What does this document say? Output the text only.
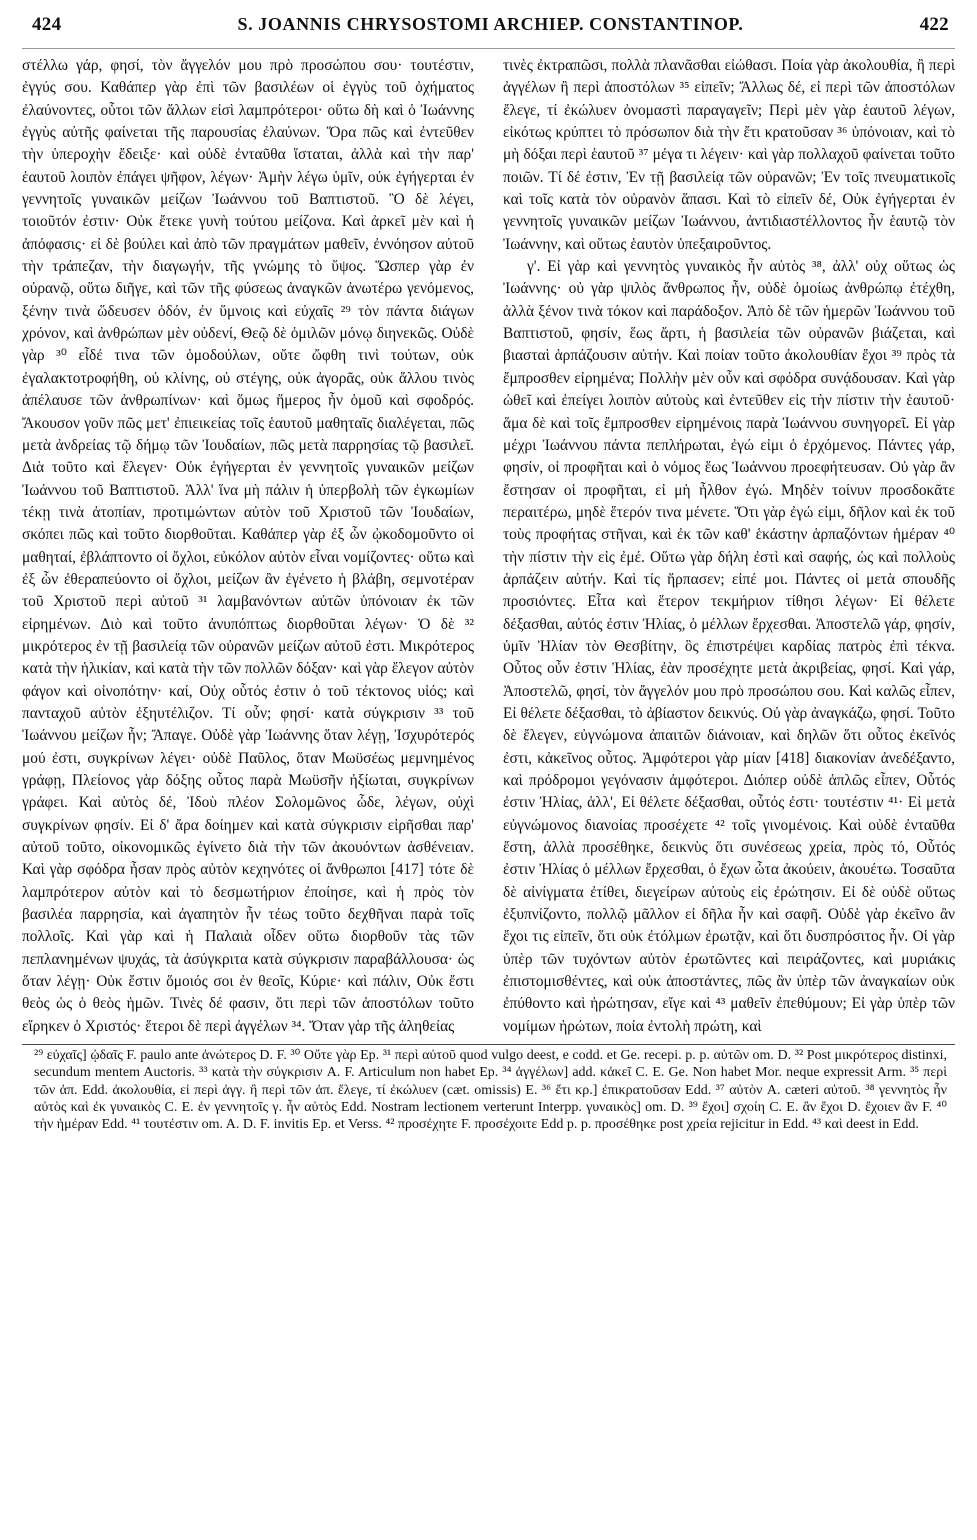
424	S. JOANNIS CHRYSOSTOMI ARCHIEP. CONSTANTINOP.	422

στέλλω γάρ, φησί, τὸν ἄγγελόν μου πρὸ προσώπου σου· τουτέστιν, ἐγγύς σου. Καθάπερ γὰρ ἐπὶ τῶν βασιλέων οἱ ἐγγὺς τοῦ ὀχήματος ἐλαύνοντες, οὗτοι τῶν ἄλλων εἰσὶ λαμπρότεροι· οὕτω δὴ καὶ ὁ Ἰωάννης ἐγγὺς αὐτῆς φαίνεται τῆς παρουσίας ἐλαύνων. Ὅρα πῶς καὶ ἐντεῦθεν τὴν ὑπεροχὴν ἔδειξε· καὶ οὐδὲ ἐνταῦθα ἵσταται, ἀλλὰ καὶ τὴν παρ' ἑαυτοῦ λοιπὸν ἐπάγει ψῆφον, λέγων· Ἀμὴν λέγω ὑμῖν, οὐκ ἐγήγερται ἐν γεννητοῖς γυναικῶν μείζων Ἰωάννου τοῦ Βαπτιστοῦ. Ὃ δὲ λέγει, τοιοῦτόν ἐστιν· Οὐκ ἔτεκε γυνὴ τούτου μείζονα. Καὶ ἀρκεῖ μὲν καὶ ἡ ἀπόφασις· εἰ δὲ βούλει καὶ ἀπὸ τῶν πραγμάτων μαθεῖν, ἐννόησον αὐτοῦ τὴν τράπεζαν, τὴν διαγωγήν, τῆς γνώμης τὸ ὕψος. Ὥσπερ γὰρ ἐν οὐρανῷ, οὕτω διῆγε, καὶ τῶν τῆς φύσεως ἀναγκῶν ἀνωτέρω γενόμενος, ξένην τινὰ ὥδευσεν ὁδόν, ἐν ὕμνοις καὶ εὐχαῖς ²⁹ τὸν πάντα διάγων χρόνον, καὶ ἀνθρώπων μὲν οὐδενί, Θεῷ δὲ ὁμιλῶν μόνῳ διηνεκῶς. Οὐδὲ γὰρ ³⁰ εἶδέ τινα τῶν ὁμοδούλων, οὔτε ὤφθη τινὶ τούτων, οὐκ ἐγαλακτοτροφήθη, οὐ κλίνης, οὐ στέγης, οὐκ ἀγορᾶς, οὐκ ἄλλου τινὸς ἀπέλαυσε τῶν ἀνθρωπίνων· καὶ ὅμως ἥμερος ἦν ὁμοῦ καὶ σφοδρός. Ἄκουσον γοῦν πῶς μετ' ἐπιεικείας τοῖς ἑαυτοῦ μαθηταῖς διαλέγεται, πῶς μετὰ ἀνδρείας τῷ δήμῳ τῶν Ἰουδαίων, πῶς μετὰ παρρησίας τῷ βασιλεῖ. Διὰ τοῦτο καὶ ἔλεγεν· Οὐκ ἐγήγερται ἐν γεννητοῖς γυναικῶν μείζων Ἰωάννου τοῦ Βαπτιστοῦ. Ἀλλ' ἵνα μὴ πάλιν ἡ ὑπερβολὴ τῶν ἐγκωμίων τέκῃ τινὰ ἀτοπίαν, προτιμώντων αὐτὸν τοῦ Χριστοῦ τῶν Ἰουδαίων, σκόπει πῶς καὶ τοῦτο διορθοῦται. Καθάπερ γὰρ ἐξ ὧν ᾠκοδομοῦντο οἱ μαθηταί, ἐβλάπτοντο οἱ ὄχλοι, εὐκόλον αὐτὸν εἶναι νομίζοντες· οὕτω καὶ ἐξ ὧν ἐθεραπεύοντο οἱ ὄχλοι, μείζων ἂν ἐγένετο ἡ βλάβη, σεμνοτέραν τοῦ Χριστοῦ περὶ αὐτοῦ ³¹ λαμβανόντων αὐτῶν ὑπόνοιαν ἐκ τῶν εἰρημένων. Διὸ καὶ τοῦτο ἀνυπόπτως διορθοῦται λέγων· Ὁ δὲ ³² μικρότερος ἐν τῇ βασιλείᾳ τῶν οὐρανῶν μείζων αὐτοῦ ἐστι. Μικρότερος κατὰ τὴν ἡλικίαν, καὶ κατὰ τὴν τῶν πολλῶν δόξαν· καὶ γὰρ ἔλεγον αὐτὸν φάγον καὶ οἰνοπότην· καί, Οὐχ οὗτός ἐστιν ὁ τοῦ τέκτονος υἱός; καὶ πανταχοῦ αὐτὸν ἐξηυτέλιζον. Τί οὖν; φησί· κατὰ σύγκρισιν ³³ τοῦ Ἰωάννου μείζων ἦν; Ἄπαγε. Οὐδὲ γὰρ Ἰωάννης ὅταν λέγῃ, Ἰσχυρότερός μού ἐστι, συγκρίνων λέγει· οὐδὲ Παῦλος, ὅταν Μωϋσέως μεμνημένος γράφῃ, Πλείονος γὰρ δόξης οὗτος παρὰ Μωϋσῆν ἠξίωται, συγκρίνων γράφει. Καὶ αὐτὸς δέ, Ἰδοὺ πλέον Σολομῶνος ὧδε, λέγων, οὐχὶ συγκρίνων φησίν. Εἰ δ' ἄρα δοίημεν καὶ κατὰ σύγκρισιν εἰρῆσθαι παρ' αὐτοῦ τοῦτο, οἰκονομικῶς ἐγίνετο διὰ τὴν τῶν ἀκουόντων ἀσθένειαν. Καὶ γὰρ σφόδρα ἦσαν πρὸς αὐτὸν κεχηνότες οἱ ἄνθρωποι [417] τότε δὲ λαμπρότερον αὐτὸν καὶ τὸ δεσμωτήριον ἐποίησε, καὶ ἡ πρὸς τὸν βασιλέα παρρησία, καὶ ἀγαπητὸν ἦν τέως τοῦτο δεχθῆναι παρὰ τοῖς πολλοῖς. Καὶ γὰρ καὶ ἡ Παλαιὰ οἶδεν οὕτω διορθοῦν τὰς τῶν πεπλανημένων ψυχάς, τὰ ἀσύγκριτα κατὰ σύγκρισιν παραβάλλουσα· ὡς ὅταν λέγῃ· Οὐκ ἔστιν ὅμοιός σοι ἐν θεοῖς, Κύριε· καὶ πάλιν, Οὐκ ἔστι θεὸς ὡς ὁ θεὸς ἡμῶν. Τινὲς δέ φασιν, ὅτι περὶ τῶν ἀποστόλων τοῦτο εἴρηκεν ὁ Χριστός· ἕτεροι δὲ περὶ ἀγγέλων ³⁴. Ὅταν γὰρ τῆς ἀληθείας

τινὲς ἐκτραπῶσι, πολλὰ πλανᾶσθαι εἰώθασι. Ποία γὰρ ἀκολουθία, ἢ περὶ ἀγγέλων ἢ περὶ ἀποστόλων ³⁵ εἰπεῖν; Ἄλλως δέ, εἰ περὶ τῶν ἀποστόλων ἔλεγε, τί ἐκώλυεν ὀνομαστὶ παραγαγεῖν; Περὶ μὲν γὰρ ἑαυτοῦ λέγων, εἰκότως κρύπτει τὸ πρόσωπον διὰ τὴν ἔτι κρατοῦσαν ³⁶ ὑπόνοιαν, καὶ τὸ μὴ δόξαι περὶ ἑαυτοῦ ³⁷ μέγα τι λέγειν· καὶ γὰρ πολλαχοῦ φαίνεται τοῦτο ποιῶν. Τί δέ ἐστιν, Ἐν τῇ βασιλείᾳ τῶν οὐρανῶν; Ἐν τοῖς πνευματικοῖς καὶ τοῖς κατὰ τὸν οὐρανὸν ἅπασι. Καὶ τὸ εἰπεῖν δέ, Οὐκ ἐγήγερται ἐν γεννητοῖς γυναικῶν μείζων Ἰωάννου, ἀντιδιαστέλλοντος ἦν ἑαυτῷ τὸν Ἰωάννην, καὶ οὕτως ἑαυτὸν ὑπεξαιροῦντος.

γ'. Εἰ γὰρ καὶ γεννητὸς γυναικὸς ἦν αὐτὸς ³⁸, ἀλλ' οὐχ οὕτως ὡς Ἰωάννης· οὐ γὰρ ψιλὸς ἄνθρωπος ἦν, οὐδὲ ὁμοίως ἀνθρώπῳ ἐτέχθη, ἀλλὰ ξένον τινὰ τόκον καὶ παράδοξον. Ἀπὸ δὲ τῶν ἡμερῶν Ἰωάννου τοῦ Βαπτιστοῦ, φησίν, ἕως ἄρτι, ἡ βασιλεία τῶν οὐρανῶν βιάζεται, καὶ βιασταὶ ἁρπάζουσιν αὐτήν. Καὶ ποίαν τοῦτο ἀκολουθίαν ἔχοι ³⁹ πρὸς τὰ ἔμπροσθεν εἰρημένα; Πολλὴν μὲν οὖν καὶ σφόδρα συνᾴδουσαν. Καὶ γὰρ ὠθεῖ καὶ ἐπείγει λοιπὸν αὐτοὺς καὶ ἐντεῦθεν εἰς τὴν πίστιν τὴν ἑαυτοῦ· ἅμα δὲ καὶ τοῖς ἔμπροσθεν εἰρημένοις παρὰ Ἰωάννου συνηγορεῖ. Εἰ γὰρ μέχρι Ἰωάννου πάντα πεπλήρωται, ἐγώ εἰμι ὁ ἐρχόμενος. Πάντες γάρ, φησίν, οἱ προφῆται καὶ ὁ νόμος ἕως Ἰωάννου προεφήτευσαν. Οὐ γὰρ ἂν ἔστησαν οἱ προφῆται, εἰ μὴ ἦλθον ἐγώ. Μηδὲν τοίνυν προσδοκᾶτε περαιτέρω, μηδὲ ἕτερόν τινα μένετε. Ὅτι γὰρ ἐγώ εἰμι, δῆλον καὶ ἐκ τοῦ τοὺς προφήτας στῆναι, καὶ ἐκ τῶν καθ' ἑκάστην ἁρπαζόντων ἡμέραν ⁴⁰ τὴν πίστιν τὴν εἰς ἐμέ. Οὕτω γὰρ δήλη ἐστὶ καὶ σαφής, ὡς καὶ πολλοὺς ἁρπάζειν αὐτήν. Καὶ τίς ἥρπασεν; εἰπέ μοι. Πάντες οἱ μετὰ σπουδῆς προσιόντες. Εἶτα καὶ ἕτερον τεκμήριον τίθησι λέγων· Εἰ θέλετε δέξασθαι, αὐτός ἐστιν Ἠλίας, ὁ μέλλων ἔρχεσθαι. Ἀποστελῶ γάρ, φησίν, ὑμῖν Ἠλίαν τὸν Θεσβίτην, ὃς ἐπιστρέψει καρδίας πατρὸς ἐπὶ τέκνα. Οὗτος οὖν ἐστιν Ἠλίας, ἐὰν προσέχητε μετὰ ἀκριβείας, φησί. Καὶ γάρ, Ἀποστελῶ, φησί, τὸν ἄγγελόν μου πρὸ προσώπου σου. Καὶ καλῶς εἶπεν, Εἰ θέλετε δέξασθαι, τὸ ἀβίαστον δεικνύς. Οὐ γὰρ ἀναγκάζω, φησί. Τοῦτο δὲ ἔλεγεν, εὐγνώμονα ἀπαιτῶν διάνοιαν, καὶ δηλῶν ὅτι οὗτος ἐκεῖνός ἐστι, κἀκεῖνος οὗτος. Ἀμφότεροι γὰρ μίαν [418] διακονίαν ἀνεδέξαντο, καὶ πρόδρομοι γεγόνασιν ἀμφότεροι. Διόπερ οὐδὲ ἁπλῶς εἶπεν, Οὗτός ἐστιν Ἠλίας, ἀλλ', Εἰ θέλετε δέξασθαι, οὗτός ἐστι· τουτέστιν ⁴¹· Εἰ μετὰ εὐγνώμονος διανοίας προσέχετε ⁴² τοῖς γινομένοις. Καὶ οὐδὲ ἐνταῦθα ἔστη, ἀλλὰ προσέθηκε, δεικνὺς ὅτι συνέσεως χρεία, πρὸς τό, Οὗτός ἐστιν Ἠλίας ὁ μέλλων ἔρχεσθαι, ὁ ἔχων ὦτα ἀκούειν, ἀκουέτω. Τοσαῦτα δὲ αἰνίγματα ἐτίθει, διεγείρων αὐτοὺς εἰς ἐρώτησιν. Εἰ δὲ οὐδὲ οὕτως ἐξυπνίζοντο, πολλῷ μᾶλλον εἰ δῆλα ἦν καὶ σαφῆ. Οὐδὲ γὰρ ἐκεῖνο ἂν ἔχοι τις εἰπεῖν, ὅτι οὐκ ἐτόλμων ἐρωτᾷν, καὶ ὅτι δυσπρόσιτος ἦν. Οἱ γὰρ ὑπὲρ τῶν τυχόντων αὐτὸν ἐρωτῶντες καὶ πειράζοντες, καὶ μυριάκις ἐπιστομισθέντες, καὶ οὐκ ἀποστάντες, πῶς ἂν ὑπὲρ τῶν ἀναγκαίων οὐκ ἐπύθοντο καὶ ἠρώτησαν, εἴγε καὶ ⁴³ μαθεῖν ἐπεθύμουν; Εἰ γὰρ ὑπὲρ τῶν νομίμων ἠρώτων, ποία ἐντολὴ πρώτη, καὶ

²⁹ εὐχαῖς] ᾠδαῖς F. paulo ante ἀνώτερος D. F. ³⁰ Οὔτε γὰρ Ep. ³¹ περὶ αὐτοῦ quod vulgo deest, e codd. et Ge. recepi. p. p. αὐτῶν om. D. ³² Post μικρότερος distinxi, secundum mentem Auctoris. ³³ κατὰ τὴν σύγκρισιν A. F. Articulum non habet Ep. ³⁴ ἀγγέλων] add. κἀκεῖ C. E. Ge. Non habet Mor. neque expressit Arm. ³⁵ περὶ τῶν ἀπ. Edd. ἀκολουθία, εἰ περὶ ἀγγ. ἢ περὶ τῶν ἀπ. ἔλεγε, τί ἐκώλυεν (cæt. omissis) E. ³⁶ ἔτι κρ.] ἐπικρατοῦσαν Edd. ³⁷ αὐτὸν A. cæteri αὐτοῦ. ³⁸ γεννητὸς ἦν αὐτὸς καὶ ἐκ γυναικὸς C. E. ἐν γεννητοῖς γ. ἦν αὐτὸς Edd. Nostram lectionem verterunt Interpp. γυναικὸς] om. D. ³⁹ ἔχοι] σχοίη C. E. ἂν ἔχοι D. ἔχοιεν ἂν F. ⁴⁰ τὴν ἡμέραν Edd. ⁴¹ τουτέστιν om. A. D. F. invitis Ep. et Verss. ⁴² προσέχητε F. προσέχοιτε Edd p. p. προσέθηκε post χρεία rejicitur in Edd. ⁴³ καὶ deest in Edd.
